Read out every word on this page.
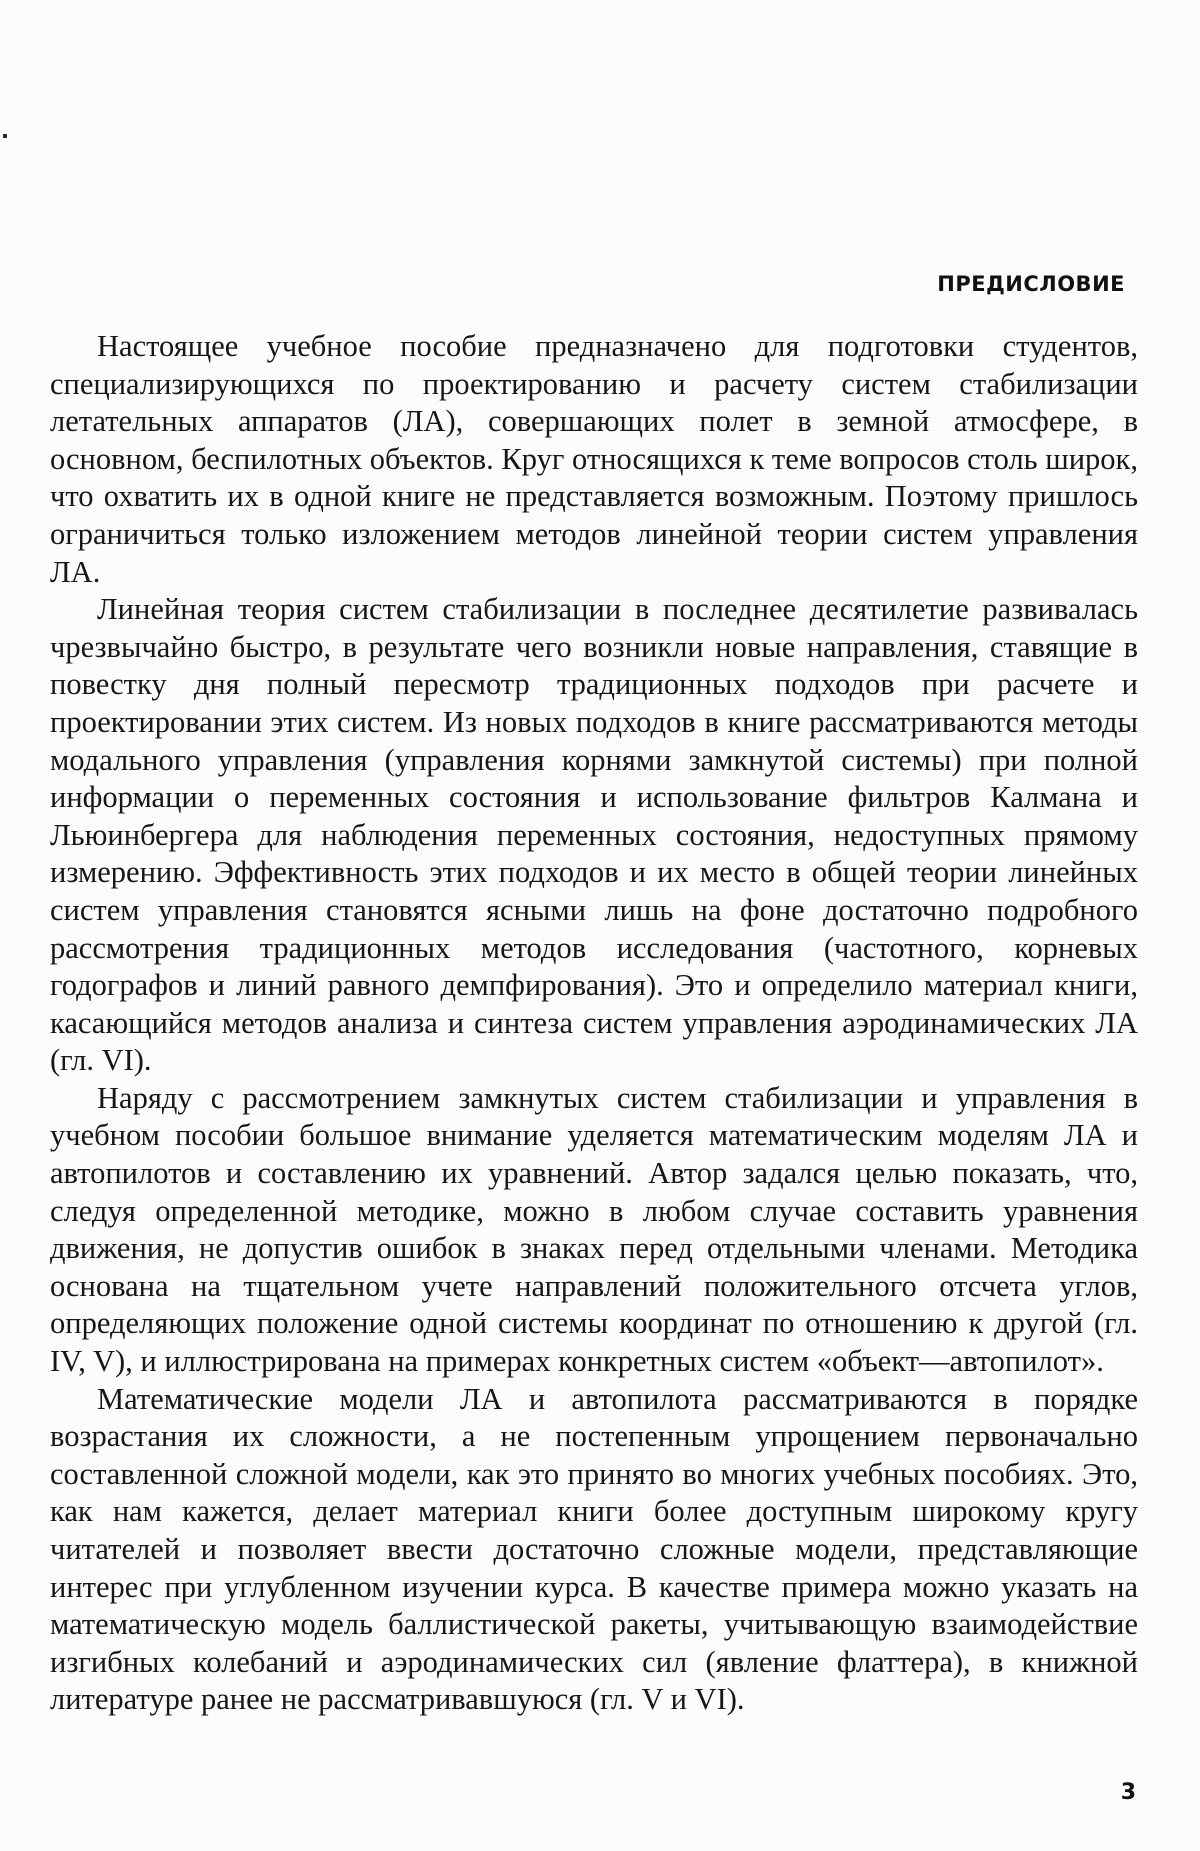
ПРЕДИСЛОВИЕ

Настоящее учебное пособие предназначено для подготовки студентов, специализирующихся по проектированию и расчету систем стабилизации летательных аппаратов (ЛА), совершающих полет в земной атмосфере, в основном, беспилотных объектов. Круг относящихся к теме вопросов столь широк, что охватить их в одной книге не представляется возможным. Поэтому пришлось ограничиться только изложением методов линейной теории систем управления ЛА.

Линейная теория систем стабилизации в последнее десятилетие развивалась чрезвычайно быстро, в результате чего возникли новые направления, ставящие в повестку дня полный пересмотр традиционных подходов при расчете и проектировании этих систем. Из новых подходов в книге рассматриваются методы модального управления (управления корнями замкнутой системы) при полной информации о переменных состояния и использование фильтров Калмана и Льюинбергера для наблюдения переменных состояния, недоступных прямому измерению. Эффективность этих подходов и их место в общей теории линейных систем управления становятся ясными лишь на фоне достаточно подробного рассмотрения традиционных методов исследования (частотного, корневых годографов и линий равного демпфирования). Это и определило материал книги, касающийся методов анализа и синтеза систем управления аэродинамических ЛА (гл. VI).

Наряду с рассмотрением замкнутых систем стабилизации и управления в учебном пособии большое внимание уделяется математическим моделям ЛА и автопилотов и составлению их уравнений. Автор задался целью показать, что, следуя определенной методике, можно в любом случае составить уравнения движения, не допустив ошибок в знаках перед отдельными членами. Методика основана на тщательном учете направлений положительного отсчета углов, определяющих положение одной системы координат по отношению к другой (гл. IV, V), и иллюстрирована на примерах конкретных систем «объект—автопилот».

Математические модели ЛА и автопилота рассматриваются в порядке возрастания их сложности, а не постепенным упрощением первоначально составленной сложной модели, как это принято во многих учебных пособиях. Это, как нам кажется, делает материал книги более доступным широкому кругу читателей и позволяет ввести достаточно сложные модели, представляющие интерес при углубленном изучении курса. В качестве примера можно указать на математическую модель баллистической ракеты, учитывающую взаимодействие изгибных колебаний и аэродинамических сил (явление флаттера), в книжной литературе ранее не рассматривавшуюся (гл. V и VI).

3
